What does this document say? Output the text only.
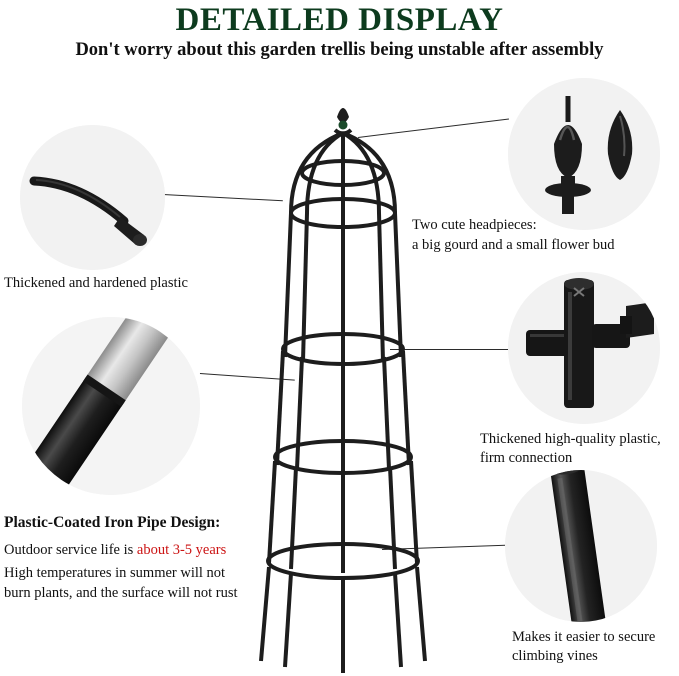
DETAILED DISPLAY
Don't worry about this garden trellis being unstable after assembly
Thickened and hardened plastic
Two cute headpieces:
a big gourd and a small flower bud
Plastic-Coated Iron Pipe Design:
Outdoor service life is about 3-5 years
High temperatures in summer will not
burn plants, and the surface will not rust
Thickened high-quality plastic,
firm connection
Makes it easier to secure
climbing vines
